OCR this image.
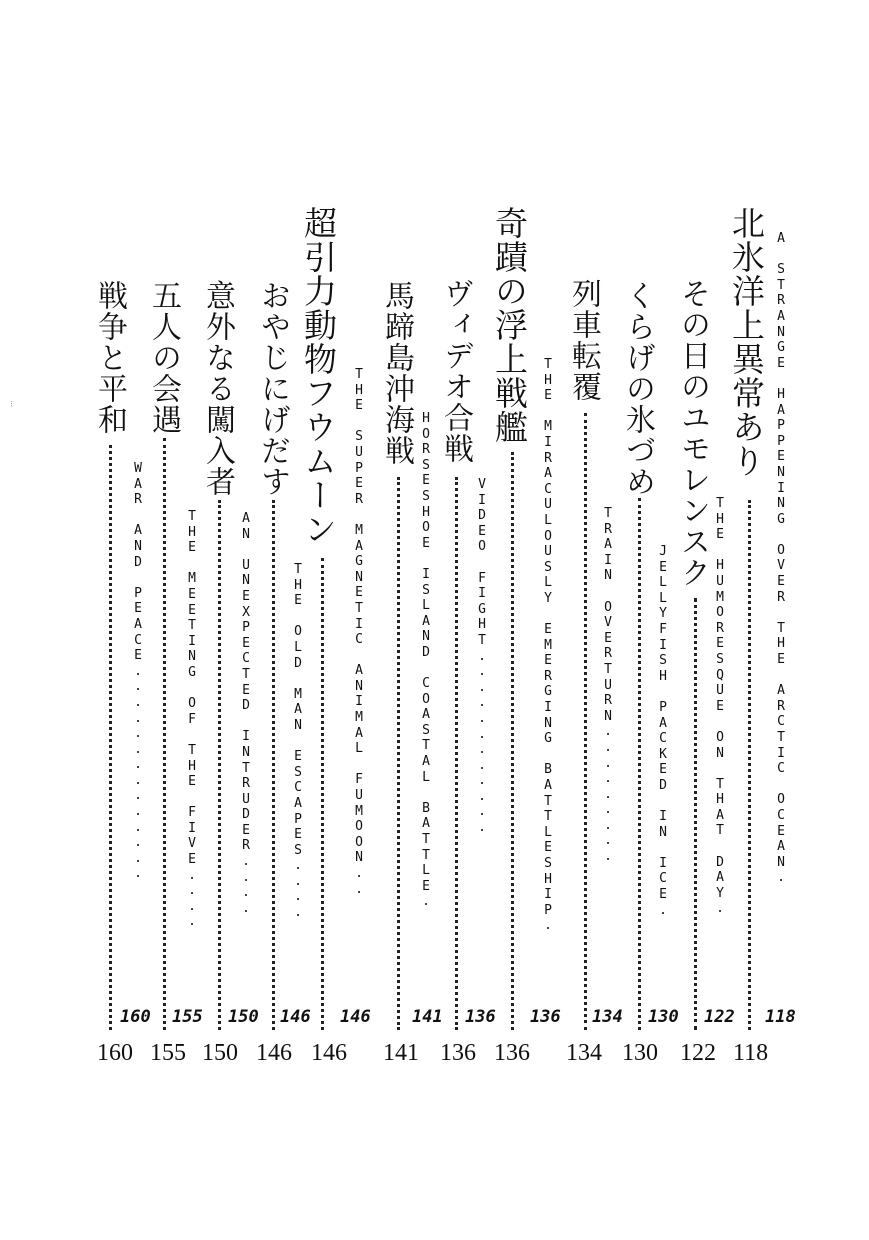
北氷洋上異常あり A

S
T
R
A
N
G
E

H
A
P
P
E
N
I
N
G

O
V
E
R

T
H
E

A
R
C
T
I
C

O
C
E
A
N
.
118
118
その日のユモレンスク T
H
E

H
U
M
O
R
E
S
Q
U
E

O
N

T
H
A
T

D
A
Y
.
122
122
くらげの氷づめ
J
E
L
L
Y
F
I
S
H

P
A
C
K
E
D

I
N

I
C
E
.
130
130
列車転覆
T
R
A
I
N

O
V
E
R
T
U
R
N
.
.
.
.
.
.
.
.
.
134
134
奇蹟の浮上戦艦 T
H
E

M
I
R
A
C
U
L
O
U
S
L
Y

E
M
E
R
G
I
N
G

B
A
T
T
L
E
S
H
I
P
.
136
136
ヴィデオ合戦
V
I
D
E
O

F
I
G
H
T
.
.
.
.
.
.
.
.
.
.
.
.
136
136
馬蹄島沖海戦 H
O
R
S
E
S
H
O
E

I
S
L
A
N
D

C
O
A
S
T
A
L

B
A
T
T
L
E
.
141
141
超引力動物フウムーン T
H
E

S
U
P
E
R

M
A
G
N
E
T
I
C

A
N
I
M
A
L

F
U
M
O
O
N
.
.
146
146
おやじにげだす
T
H
E

O
L
D

M
A
N

E
S
C
A
P
E
S
.
.
.
.
146
146
意外なる闖入者
A
N

U
N
E
X
P
E
C
T
E
D

I
N
T
R
U
D
E
R
.
.
.
.
150
150
五人の会遇
T
H
E

M
E
E
T
I
N
G

O
F

T
H
E

F
I
V
E
.
.
.
.
155
155
戦争と平和
W
A
R

A
N
D

P
E
A
C
E
.
.
.
.
.
.
.
.
.
.
.
.
.
.
160
160
⁝
